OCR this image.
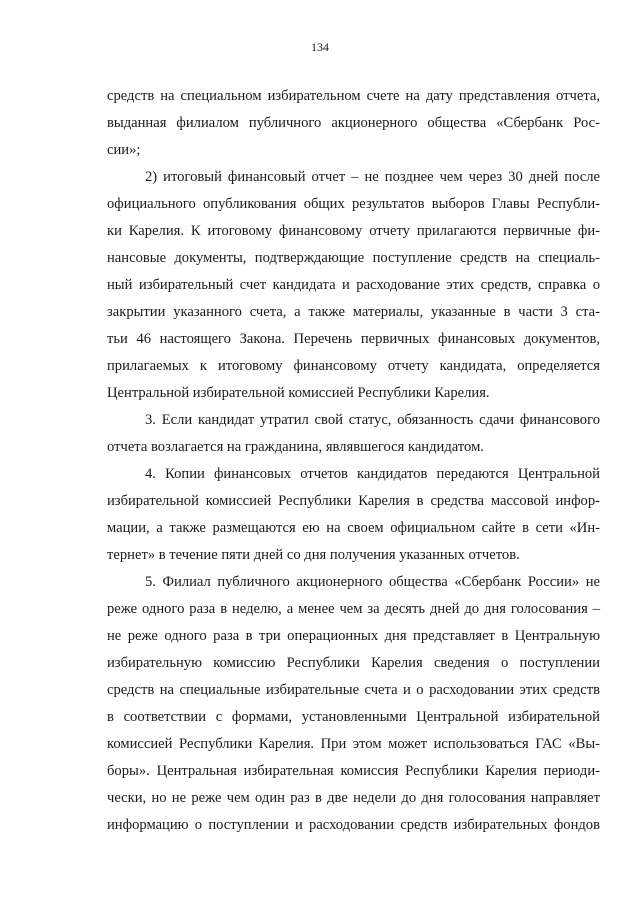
134
средств на специальном избирательном счете на дату представления отчета,
выданная филиалом публичного акционерного общества «Сбербанк Рос-
сии»;
2) итоговый финансовый отчет – не позднее чем через 30 дней после
официального опубликования общих результатов выборов Главы Республи-
ки Карелия. К итоговому финансовому отчету прилагаются первичные фи-
нансовые документы, подтверждающие поступление средств на специаль-
ный избирательный счет кандидата и расходование этих средств, справка о
закрытии указанного счета, а также материалы, указанные в части 3 ста-
тьи 46 настоящего Закона. Перечень первичных финансовых документов,
прилагаемых к итоговому финансовому отчету кандидата, определяется
Центральной избирательной комиссией Республики Карелия.
3. Если кандидат утратил свой статус, обязанность сдачи финансового
отчета возлагается на гражданина, являвшегося кандидатом.
4. Копии финансовых отчетов кандидатов передаются Центральной
избирательной комиссией Республики Карелия в средства массовой инфор-
мации, а также размещаются ею на своем официальном сайте в сети «Ин-
тернет» в течение пяти дней со дня получения указанных отчетов.
5. Филиал публичного акционерного общества «Сбербанк России» не
реже одного раза в неделю, а менее чем за десять дней до дня голосования –
не реже одного раза в три операционных дня представляет в Центральную
избирательную комиссию Республики Карелия сведения о поступлении
средств на специальные избирательные счета и о расходовании этих средств
в соответствии с формами, установленными Центральной избирательной
комиссией Республики Карелия. При этом может использоваться ГАС «Вы-
боры». Центральная избирательная комиссия Республики Карелия периоди-
чески, но не реже чем один раз в две недели до дня голосования направляет
информацию о поступлении и расходовании средств избирательных фондов
